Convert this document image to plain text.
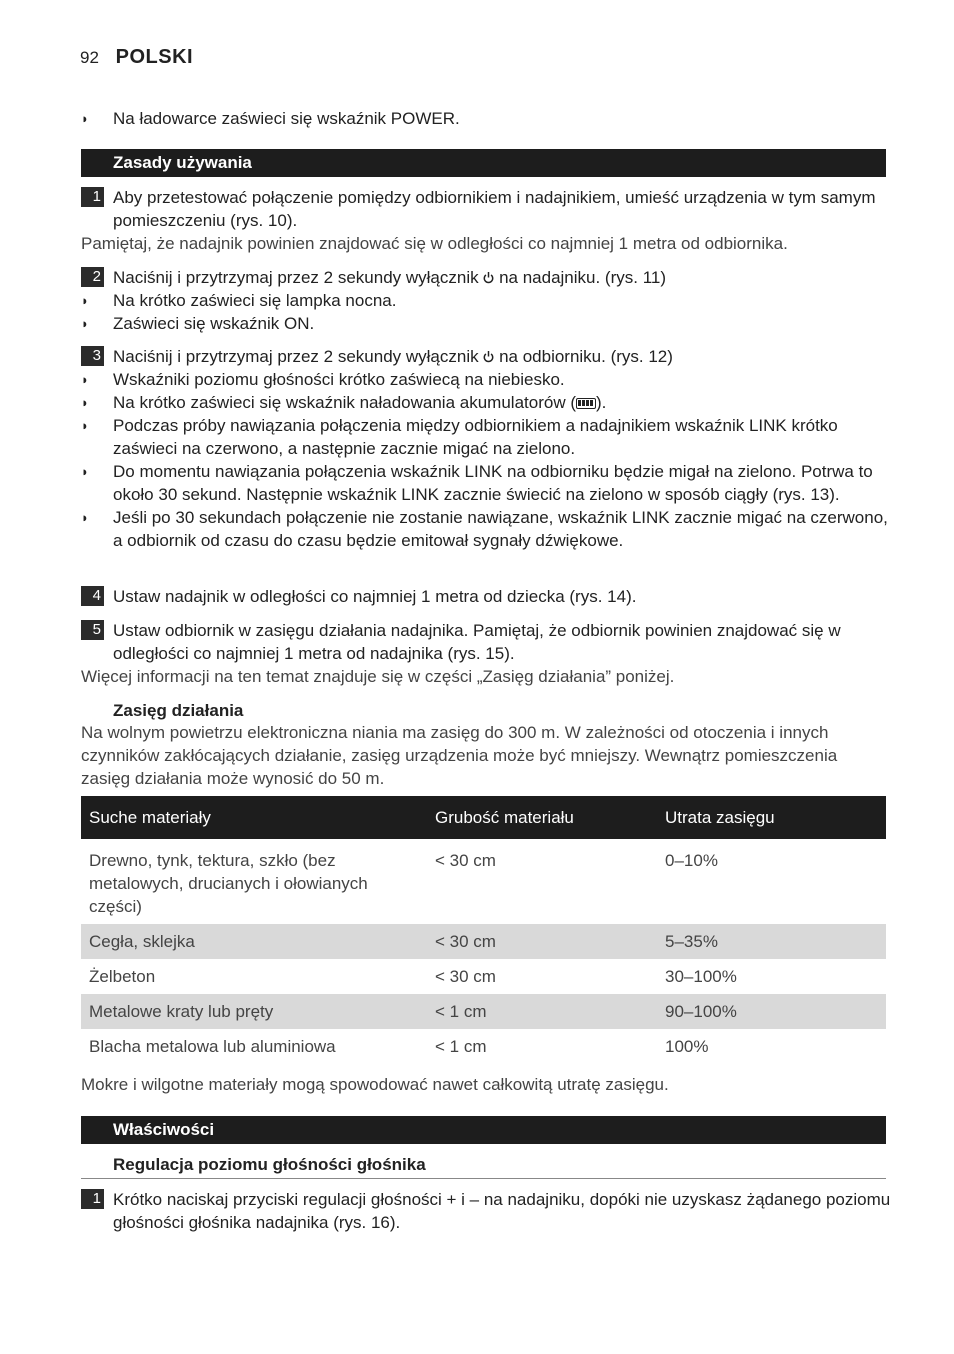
92 POLSKI
◗ Na ładowarce zaświeci się wskaźnik POWER.
Zasady używania
1 Aby przetestować połączenie pomiędzy odbiornikiem i nadajnikiem, umieść urządzenia w tym samym pomieszczeniu (rys. 10).
Pamiętaj, że nadajnik powinien znajdować się w odległości co najmniej 1 metra od odbiornika.
2 Naciśnij i przytrzymaj przez 2 sekundy wyłącznik  na nadajniku. (rys. 11)
◗ Na krótko zaświeci się lampka nocna.
◗ Zaświeci się wskaźnik ON.
3 Naciśnij i przytrzymaj przez 2 sekundy wyłącznik  na odbiorniku. (rys. 12)
◗ Wskaźniki poziomu głośności krótko zaświecą na niebiesko.
◗ Na krótko zaświeci się wskaźnik naładowania akumulatorów ( ).
◗ Podczas próby nawiązania połączenia między odbiornikiem a nadajnikiem wskaźnik LINK krótko zaświeci na czerwono, a następnie zacznie migać na zielono.
◗ Do momentu nawiązania połączenia wskaźnik LINK na odbiorniku będzie migał na zielono. Potrwa to około 30 sekund. Następnie wskaźnik LINK zacznie świecić na zielono w sposób ciągły (rys. 13).
◗ Jeśli po 30 sekundach połączenie nie zostanie nawiązane, wskaźnik LINK zacznie migać na czerwono, a odbiornik od czasu do czasu będzie emitował sygnały dźwiękowe.
4 Ustaw nadajnik w odległości co najmniej 1 metra od dziecka (rys. 14).
5 Ustaw odbiornik w zasięgu działania nadajnika. Pamiętaj, że odbiornik powinien znajdować się w odległości co najmniej 1 metra od nadajnika (rys. 15).
Więcej informacji na ten temat znajduje się w części „Zasięg działania” poniżej.
Zasięg działania
Na wolnym powietrzu elektroniczna niania ma zasięg do 300 m. W zależności od otoczenia i innych czynników zakłócających działanie, zasięg urządzenia może być mniejszy. Wewnątrz pomieszczenia zasięg działania może wynosić do 50 m.
Suche materiały	Grubość materiału	Utrata zasięgu
Drewno, tynk, tektura, szkło (bez metalowych, drucianych i ołowianych części)	< 30 cm	0–10%
Cegła, sklejka	< 30 cm	5–35%
Żelbeton	< 30 cm	30–100%
Metalowe kraty lub pręty	< 1 cm	90–100%
Blacha metalowa lub aluminiowa	< 1 cm	100%
Mokre i wilgotne materiały mogą spowodować nawet całkowitą utratę zasięgu.
Właściwości
Regulacja poziomu głośności głośnika
1 Krótko naciskaj przyciski regulacji głośności + i – na nadajniku, dopóki nie uzyskasz żądanego poziomu głośności głośnika nadajnika (rys. 16).
